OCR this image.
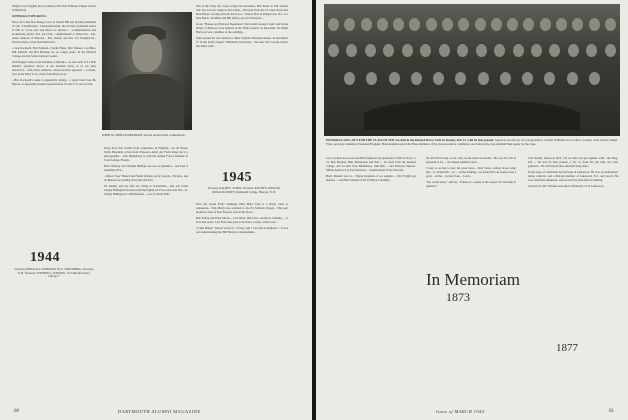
Ensign Larry English (now training in the Pratt-Whitney Engine School in Hartford).

GENERALLY SPEAKING:

Navy Air Cadet Don Sheeg is now at Chapel Hill and playing basketball for the "Cloudbusters." Characteristically, the slowest participant refers to him as "a hot pilot and much too modest."... Commendations and promotions galore: Ens. Ed Little, commissioned at Pensacola... Ens. Allan Johnson of Hanover... Ens. Kenny and Ens. Ed Youngblood... Warren Tayler writes from Merck Inc.

...Jack Rockwell, Bob Paddock, Charlie Fuller, Bob Winters, Len Bliss, Bill Kimball and Bill Haldane are no longer alone. In the Medical College are Ted Seiford and Art Gould.

Walt Duggar writes from Glendale, California... As the roster of Lt. Bob Martin's squadron shows, at the moment many of us are pilot instructors... Tom Stark, Andrews, whose pictures appeared ... Colonel, now in the Navy V-12, writes from Holy Cross.

...Bob Rockwell's name is apparently arising... a letter from Joan Bo Bryson, is apparently hospital representative for the V-12 out of town.

JOHN M. SHELLENBERGER '44 just received his commission.

Doug Scott has written from somewhere in England... an old friend. Wally Benjamin writes from Princeton Army Air Field where he is a photographer... Jack Hemenway is with the Armed Forces Institute in Coral Gables, Florida.

Dick Whitney and Wendell Hurlburt are now at Quantico... and Peel is attending OCS...

...Nixon "Gus" Heinch and Smith Worden are in Canada... Ed Ross, and Al Menard are holding down the Old Fort...

Ed Dudley and his wife are living in Gainesville... Our Air Cadet Johnny Billington has been with the Eighth Air Force since last fall... Lt. Johnny Billington is a Bombardier ... now in Sioux Falls.

War in the Army Air Corps wings last December. Bob Rader is still another who has won his wings in Victorville... We learn from the 25 Class Notes that Dick Hayes, serving with the Air Force... Warren Platt in Kingswood, N.J., is a Jane Fields, Ted Bliss and Bill Jeffrey are all at Newport...

In our "Houses and Faraway Departures" that month George Cotrell and Jackie Peiper of Hanover were married in the White Church on December 18. Ralph Harwood was a member of the wedding...

Sam Greenwald was married to Miss Virginia Elizabeth Keeler on December 27 in the Kraft Chapel, Willamette University... We hear that George Eckert has fallen with...

1945
Secretary, RALPH C. STERN, Treasurer, RALPH W. MULLER, DONALD KINSEY. Dartmouth College, Hanover, N. H.

Now the Grand Forks Stamping Miss Mary Lane is a Naval cadet at Annapolis... Tom Merryl has returned to the Ed Sullivan Chapel... This past month we hear of Bob Fawcett, who in the Navy...

Bob Fallon and Elsie Moore... Carl Diver, Bill Giles, and Ross Cushing ... to Fort Ann Arbor. Carl Fine takes part in the honor society of the town...

"Come Bunny" Mason wrote us: "If they said I was still in England..." It was our understanding that Bill Hawley at Kennebunk...

1944
Secretary, DONALD L. KOHLMAN. By E. GREENBERG, Secretary, N. H. Treasurer, STEPHEN G. SCHAPES, 1113 Mansion Street, Chicago 7
60	DARTMOUTH ALUMNI MAGAZINE
INFORMAL SING-OUT FOR THE CLASS OF 1945 was held in the Richard Hovey Grill on Sunday, Feb. 13, with 65 men present. Seated in second row are George Pierce, Charles Williams, Prof. John G. Gazley, class advisor; Ralph Tyler, secretary-chairman; President Hopkins; Hale Kaufman and John Fine, members of the class executive committee; and John Little, new Alumni Fund Agent for the class.

son, Carl Kee de Groote and Dick Simpson last graduated at Yale in Navy V-12. Bob Brenner, Hale Rusmussen and Bob ... are back from the medical college, and we hear from Middlebury John Bell ... and Nicholas Spencer. Milton Spencer is at Fort Peterson ... Stephen Kidd of the Edwards.

Harry Randall was in ... Wayne Dosburn of Los Angeles ... Bob Wright got married ... and Hale Christie of the USNR at Columbia.

We met Fred Gage of our class on the train last month... He was all a bit in preparation for ... our annual Alumni Lunch...

I went to an Inn to hear the good news... Walt Sloan, writing about camp life... Lt. Frank Mac... by ... on the training... we found that our stories were a great ... in the ... in that Class ... Larry...

"We would have," said he, "if there is a plane at the airport the morning in question."

Last Sunday afternoon (Feb. 13) we held our get-together with... the Sing-Out ... We had 65 men present, a far cry from the last time our class gathered... We will hold further informal Sing-Outs...

In his sense of retirement he had been in Lakewood. He was an enthusiastic stamp collector, and a lifelong member of Lakewood, N.J., and Gowd. He was a Deltatan enthusiast, and stood in the front line for hunting.

Services for Mr. Webster were held on February 12 in Lakewood...

In Memoriam
1873
1877
61
Issue of MARCH 1944
